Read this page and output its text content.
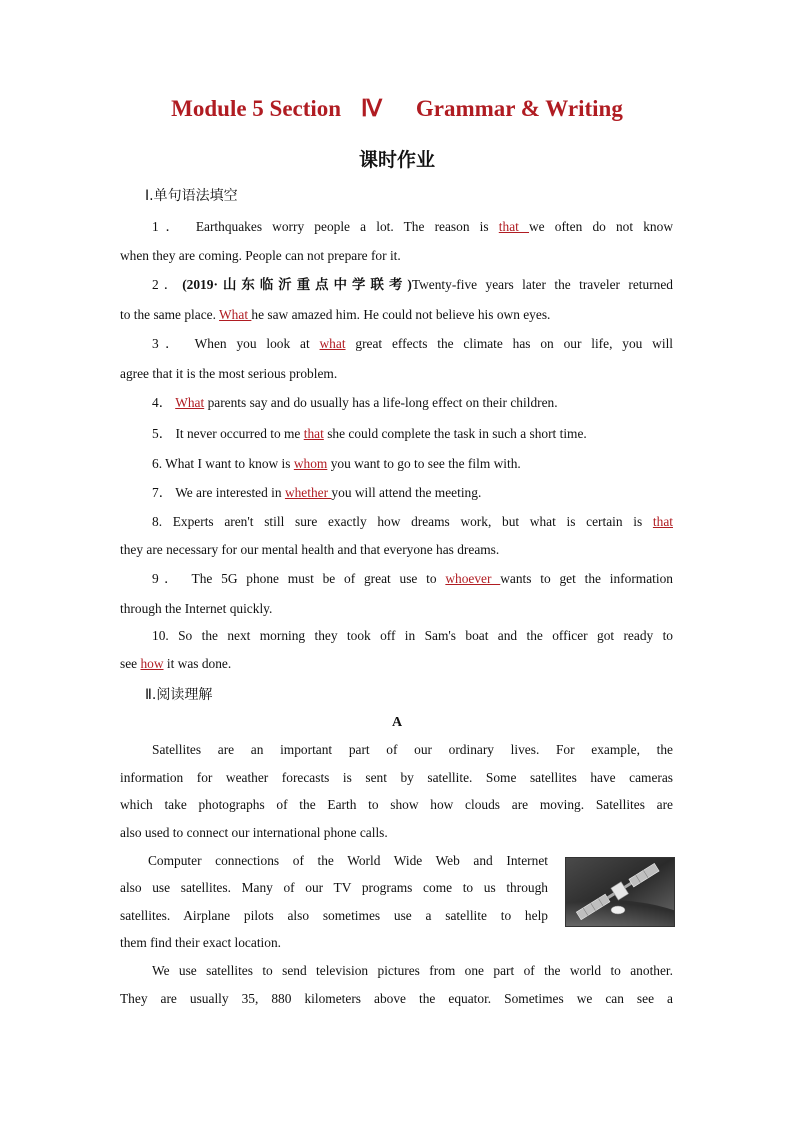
Module 5 Section Ⅳ Grammar & Writing
课时作业
Ⅰ.单句语法填空
1． Earthquakes worry people a lot. The reason is that we often do not know
when they are coming. People can not prepare for it.
2．(2019·山东临沂重点中学联考)Twenty-five years later the traveler returned
to the same place. What he saw amazed him. He could not believe his own eyes.
3． When you look at what great effects the climate has on our life, you will
agree that it is the most serious problem.
4． What parents say and do usually has a life-long effect on their children.
5． It never occurred to me that she could complete the task in such a short time.
6. What I want to know is whom you want to go to see the film with.
7． We are interested in whether you will attend the meeting.
8. Experts aren't still sure exactly how dreams work, but what is certain is that
they are necessary for our mental health and that everyone has dreams.
9． The 5G phone must be of great use to whoever wants to get the information
through the Internet quickly.
10. So the next morning they took off in Sam's boat and the officer got ready to
see how it was done.
Ⅱ.阅读理解
A
Satellites are an important part of our ordinary lives. For example, the
information for weather forecasts is sent by satellite. Some satellites have cameras
which take photographs of the Earth to show how clouds are moving. Satellites are
also used to connect our international phone calls.
Computer connections of the World Wide Web and Internet
also use satellites. Many of our TV programs come to us through
satellites. Airplane pilots also sometimes use a satellite to help
them find their exact location.
We use satellites to send television pictures from one part of the world to another.
They are usually 35, 880 kilometers above the equator. Sometimes we can see a
